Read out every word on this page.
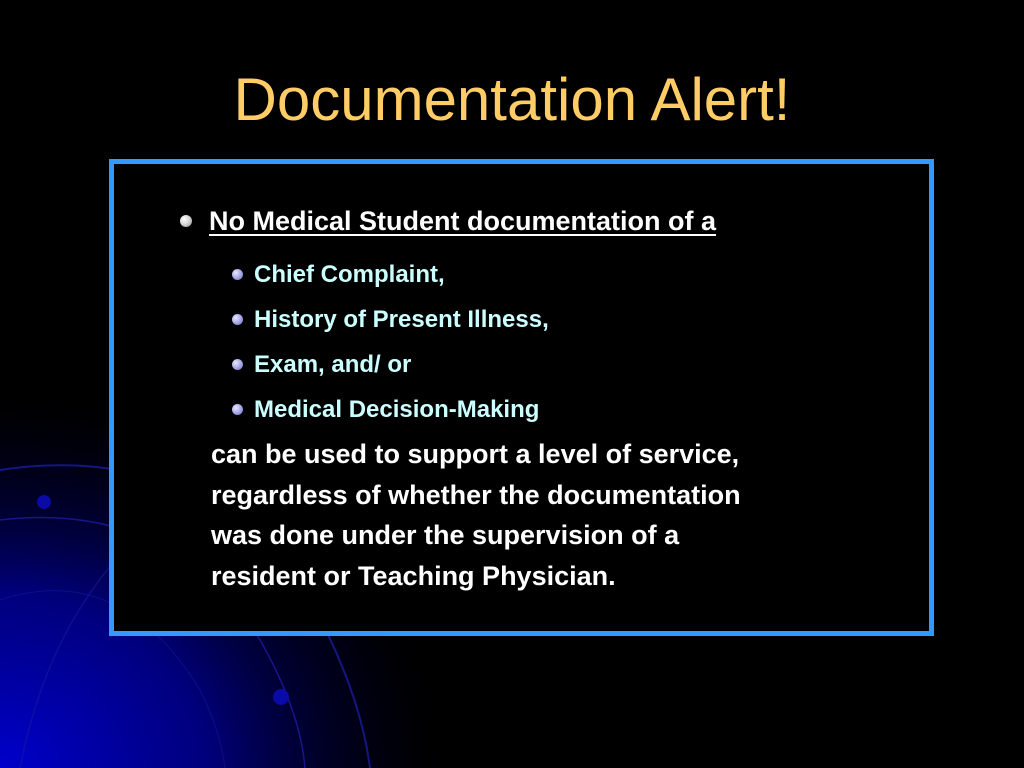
Documentation Alert!
No Medical Student documentation of a
Chief Complaint,
History of Present Illness,
Exam, and/ or
Medical Decision-Making

can be used to support a level of service,
regardless of whether the documentation
was done under the supervision of a
resident or Teaching Physician.
